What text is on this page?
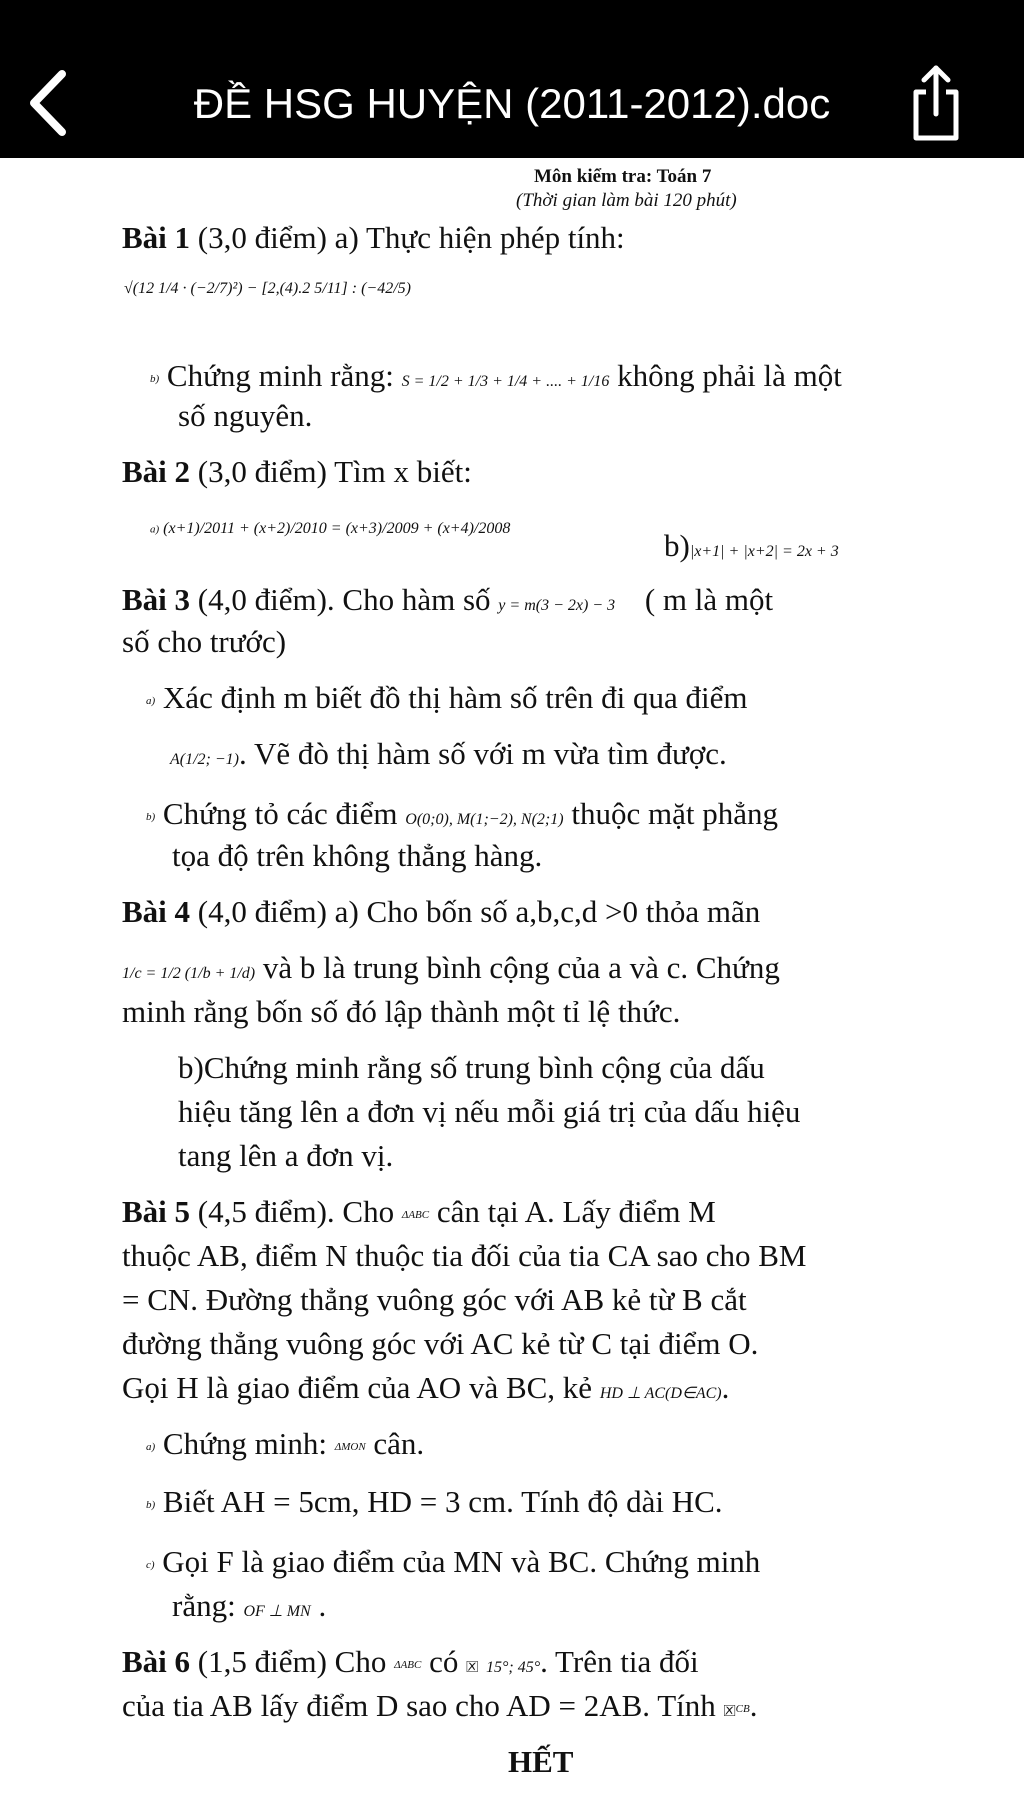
ĐỀ HSG HUYỆN (2011-2012).doc
Môn kiểm tra: Toán 7
(Thời gian làm bài 120 phút)
Bài 1 (3,0 điểm) a) Thực hiện phép tính:
√(12 1/4 · (−2/7)²) − [2,(4).2 5/11] : (−42/5)
b) Chứng minh rằng: S = 1/2 + 1/3 + 1/4 + .... + 1/16 không phải là một
số nguyên.
Bài 2 (3,0 điểm) Tìm x biết:
a) (x+1)/2011 + (x+2)/2010 = (x+3)/2009 + (x+4)/2008	b)|x+1| + |x+2| = 2x + 3
Bài 3 (4,0 điểm). Cho hàm số y = m(3 − 2x) − 3 ( m là một
số cho trước)
a) Xác định m biết đồ thị hàm số trên đi qua điểm
A(1/2; −1). Vẽ đò thị hàm số với m vừa tìm được.
b) Chứng tỏ các điểm O(0;0), M(1;−2), N(2;1) thuộc mặt phẳng
tọa độ trên không thẳng hàng.
Bài 4 (4,0 điểm) a) Cho bốn số a,b,c,d >0 thỏa mãn
1/c = 1/2 (1/b + 1/d) và b là trung bình cộng của a và c. Chứng
minh rằng bốn số đó lập thành một tỉ lệ thức.
b)Chứng minh rằng số trung bình cộng của dấu
hiệu tăng lên a đơn vị nếu mỗi giá trị của dấu hiệu
tang lên a đơn vị.
Bài 5 (4,5 điểm). Cho ΔABC cân tại A. Lấy điểm M
thuộc AB, điểm N thuộc tia đối của tia CA sao cho BM
= CN. Đường thẳng vuông góc với AB kẻ từ B cắt
đường thẳng vuông góc với AC kẻ từ C tại điểm O.
Gọi H là giao điểm của AO và BC, kẻ HD ⊥ AC(D∈AC).
a) Chứng minh: ΔMON cân.
b) Biết AH = 5cm, HD = 3 cm. Tính độ dài HC.
c) Gọi F là giao điểm của MN và BC. Chứng minh
rằng: OF ⊥ MN .
Bài 6 (1,5 điểm) Cho ΔABC có 🗵 15°; 45°. Trên tia đối
của tia AB lấy điểm D sao cho AD = 2AB. Tính 🗵CB.
HẾT
